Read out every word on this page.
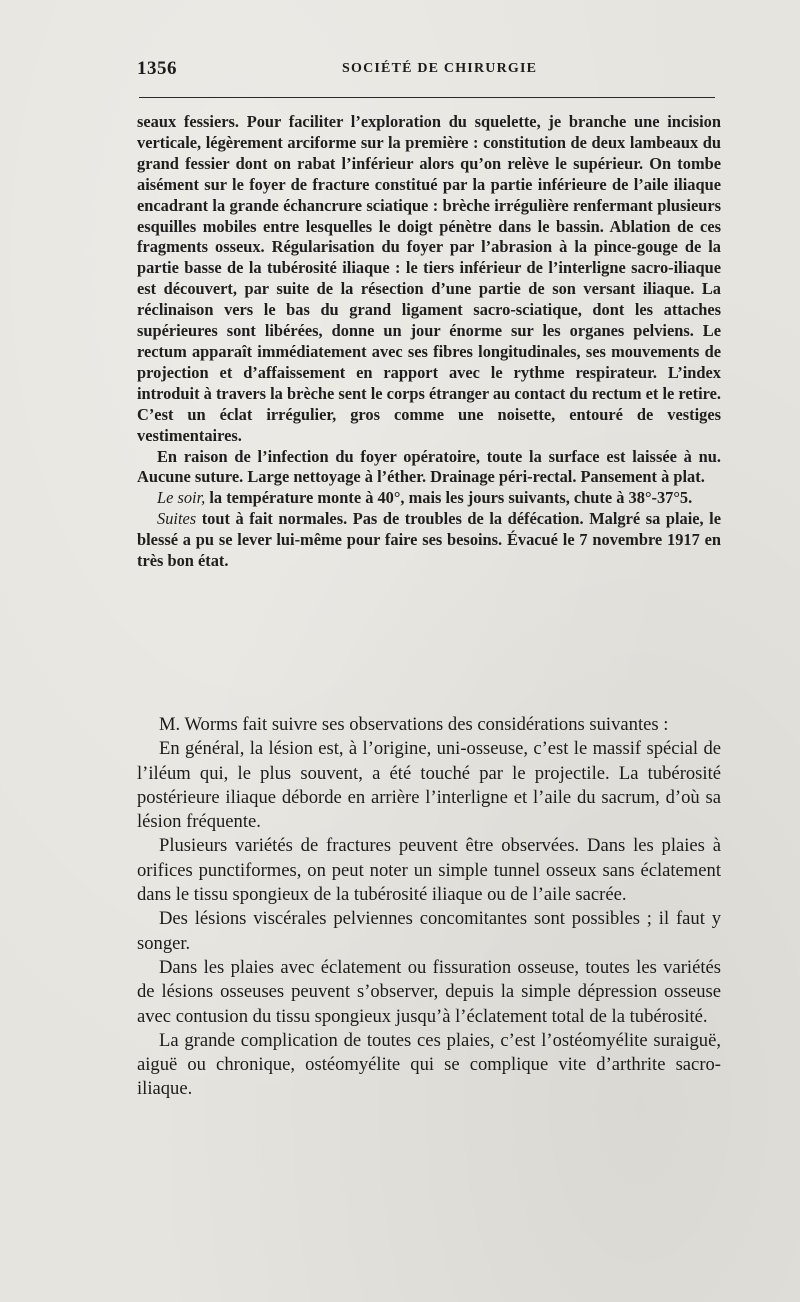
1356	SOCIÉTÉ DE CHIRURGIE

seaux fessiers. Pour faciliter l’exploration du squelette, je branche une incision verticale, légèrement arciforme sur la première : constitution de deux lambeaux du grand fessier dont on rabat l’inférieur alors qu’on relève le supérieur. On tombe aisément sur le foyer de fracture constitué par la partie inférieure de l’aile iliaque encadrant la grande échancrure sciatique : brèche irrégulière renfermant plusieurs esquilles mobiles entre lesquelles le doigt pénètre dans le bassin. Ablation de ces fragments osseux. Régularisation du foyer par l’abrasion à la pince-gouge de la partie basse de la tubérosité iliaque : le tiers inférieur de l’interligne sacro-iliaque est découvert, par suite de la résection d’une partie de son versant iliaque. La réclinaison vers le bas du grand ligament sacro-sciatique, dont les attaches supérieures sont libérées, donne un jour énorme sur les organes pelviens. Le rectum apparaît immédiatement avec ses fibres longitudinales, ses mouvements de projection et d’affaissement en rapport avec le rythme respirateur. L’index introduit à travers la brèche sent le corps étranger au contact du rectum et le retire. C’est un éclat irrégulier, gros comme une noisette, entouré de vestiges vestimentaires.

En raison de l’infection du foyer opératoire, toute la surface est laissée à nu. Aucune suture. Large nettoyage à l’éther. Drainage péri-rectal. Pansement à plat.

Le soir, la température monte à 40°, mais les jours suivants, chute à 38°-37°5.

Suites tout à fait normales. Pas de troubles de la défécation. Malgré sa plaie, le blessé a pu se lever lui-même pour faire ses besoins. Évacué le 7 novembre 1917 en très bon état.

M. Worms fait suivre ses observations des considérations suivantes :

En général, la lésion est, à l’origine, uni-osseuse, c’est le massif spécial de l’iléum qui, le plus souvent, a été touché par le projectile. La tubérosité postérieure iliaque déborde en arrière l’interligne et l’aile du sacrum, d’où sa lésion fréquente.

Plusieurs variétés de fractures peuvent être observées. Dans les plaies à orifices punctiformes, on peut noter un simple tunnel osseux sans éclatement dans le tissu spongieux de la tubérosité iliaque ou de l’aile sacrée.

Des lésions viscérales pelviennes concomitantes sont possibles ; il faut y songer.

Dans les plaies avec éclatement ou fissuration osseuse, toutes les variétés de lésions osseuses peuvent s’observer, depuis la simple dépression osseuse avec contusion du tissu spongieux jusqu’à l’éclatement total de la tubérosité.

La grande complication de toutes ces plaies, c’est l’ostéomyélite suraiguë, aiguë ou chronique, ostéomyélite qui se complique vite d’arthrite sacro-iliaque.
